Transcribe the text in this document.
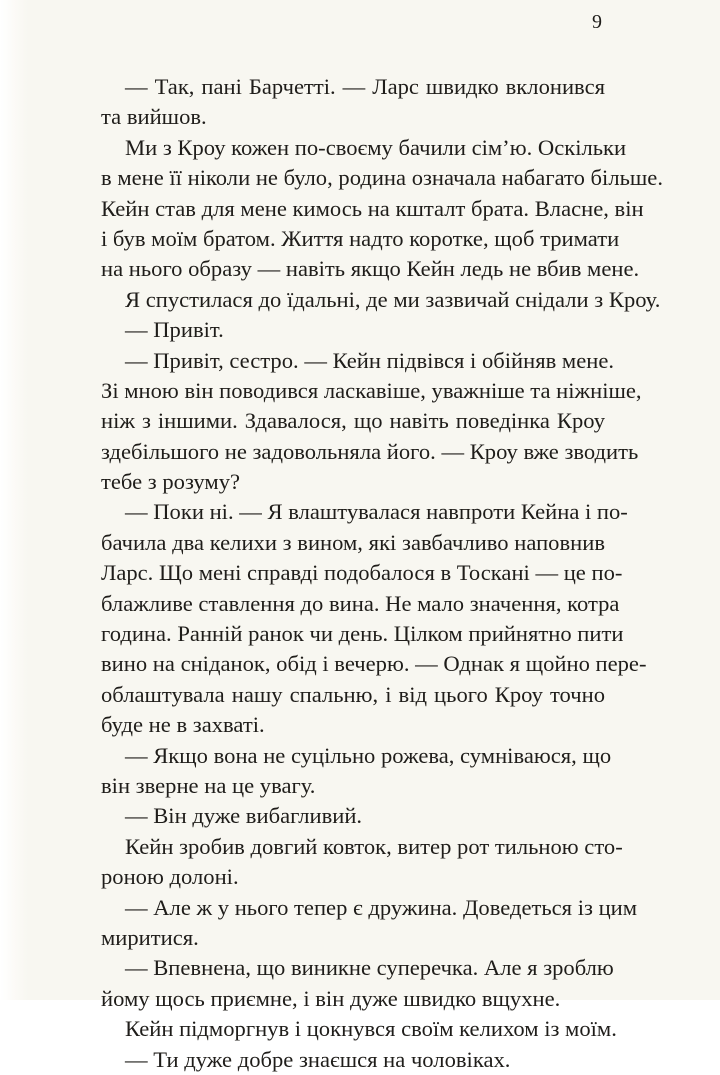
9
— Так, пані Барчетті. — Ларс швидко вклонився
та вийшов.
Ми з Кроу кожен по-своєму бачили сім’ю. Оскільки
в мене її ніколи не було, родина означала набагато більше.
Кейн став для мене кимось на кшталт брата. Власне, він
і був моїм братом. Життя надто коротке, щоб тримати
на нього образу — навіть якщо Кейн ледь не вбив мене.
Я спустилася до їдальні, де ми зазвичай снідали з Кроу.
— Привіт.
— Привіт, сестро. — Кейн підвівся і обійняв мене.
Зі мною він поводився ласкавіше, уважніше та ніжніше,
ніж з іншими. Здавалося, що навіть поведінка Кроу
здебільшого не задовольняла його. — Кроу вже зводить
тебе з розуму?
— Поки ні. — Я влаштувалася навпроти Кейна і по-
бачила два келихи з вином, які завбачливо наповнив
Ларс. Що мені справді подобалося в Тоскані — це по-
блажливе ставлення до вина. Не мало значення, котра
година. Ранній ранок чи день. Цілком прийнятно пити
вино на сніданок, обід і вечерю. — Однак я щойно пере-
облаштувала нашу спальню, і від цього Кроу точно
буде не в захваті.
— Якщо вона не суцільно рожева, сумніваюся, що
він зверне на це увагу.
— Він дуже вибагливий.
Кейн зробив довгий ковток, витер рот тильною сто-
роною долоні.
— Але ж у нього тепер є дружина. Доведеться із цим
миритися.
— Впевнена, що виникне суперечка. Але я зроблю
йому щось приємне, і він дуже швидко вщухне.
Кейн підморгнув і цокнувся своїм келихом із моїм.
— Ти дуже добре знаєшся на чоловіках.
